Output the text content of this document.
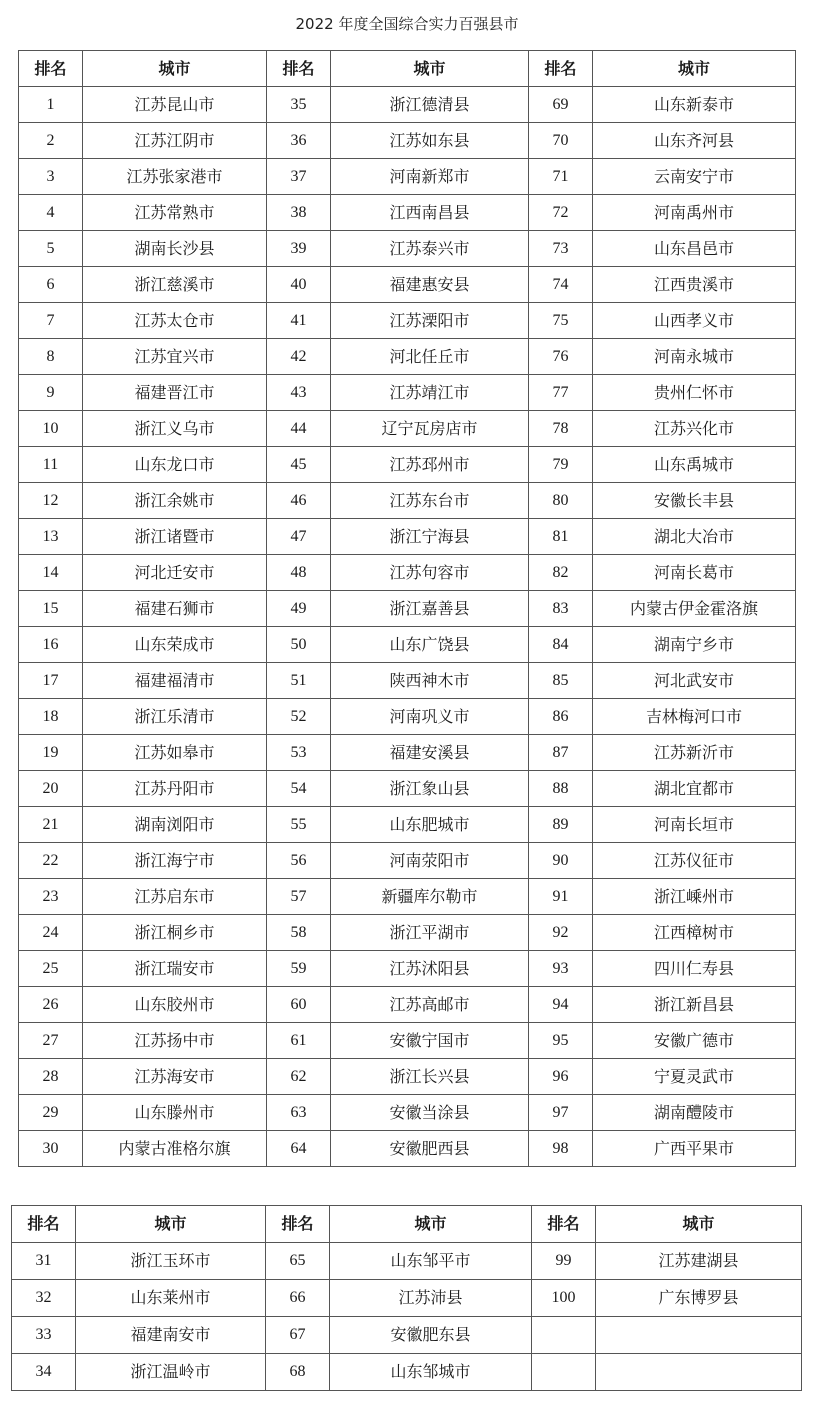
2022 年度全国综合实力百强县市
排名	城市	排名	城市	排名	城市
1	江苏昆山市	35	浙江德清县	69	山东新泰市
2	江苏江阴市	36	江苏如东县	70	山东齐河县
3	江苏张家港市	37	河南新郑市	71	云南安宁市
4	江苏常熟市	38	江西南昌县	72	河南禹州市
5	湖南长沙县	39	江苏泰兴市	73	山东昌邑市
6	浙江慈溪市	40	福建惠安县	74	江西贵溪市
7	江苏太仓市	41	江苏溧阳市	75	山西孝义市
8	江苏宜兴市	42	河北任丘市	76	河南永城市
9	福建晋江市	43	江苏靖江市	77	贵州仁怀市
10	浙江义乌市	44	辽宁瓦房店市	78	江苏兴化市
11	山东龙口市	45	江苏邳州市	79	山东禹城市
12	浙江余姚市	46	江苏东台市	80	安徽长丰县
13	浙江诸暨市	47	浙江宁海县	81	湖北大冶市
14	河北迁安市	48	江苏句容市	82	河南长葛市
15	福建石狮市	49	浙江嘉善县	83	内蒙古伊金霍洛旗
16	山东荣成市	50	山东广饶县	84	湖南宁乡市
17	福建福清市	51	陕西神木市	85	河北武安市
18	浙江乐清市	52	河南巩义市	86	吉林梅河口市
19	江苏如皋市	53	福建安溪县	87	江苏新沂市
20	江苏丹阳市	54	浙江象山县	88	湖北宜都市
21	湖南浏阳市	55	山东肥城市	89	河南长垣市
22	浙江海宁市	56	河南荥阳市	90	江苏仪征市
23	江苏启东市	57	新疆库尔勒市	91	浙江嵊州市
24	浙江桐乡市	58	浙江平湖市	92	江西樟树市
25	浙江瑞安市	59	江苏沭阳县	93	四川仁寿县
26	山东胶州市	60	江苏高邮市	94	浙江新昌县
27	江苏扬中市	61	安徽宁国市	95	安徽广德市
28	江苏海安市	62	浙江长兴县	96	宁夏灵武市
29	山东滕州市	63	安徽当涂县	97	湖南醴陵市
30	内蒙古准格尔旗	64	安徽肥西县	98	广西平果市
排名	城市	排名	城市	排名	城市
31	浙江玉环市	65	山东邹平市	99	江苏建湖县
32	山东莱州市	66	江苏沛县	100	广东博罗县
33	福建南安市	67	安徽肥东县		
34	浙江温岭市	68	山东邹城市		
